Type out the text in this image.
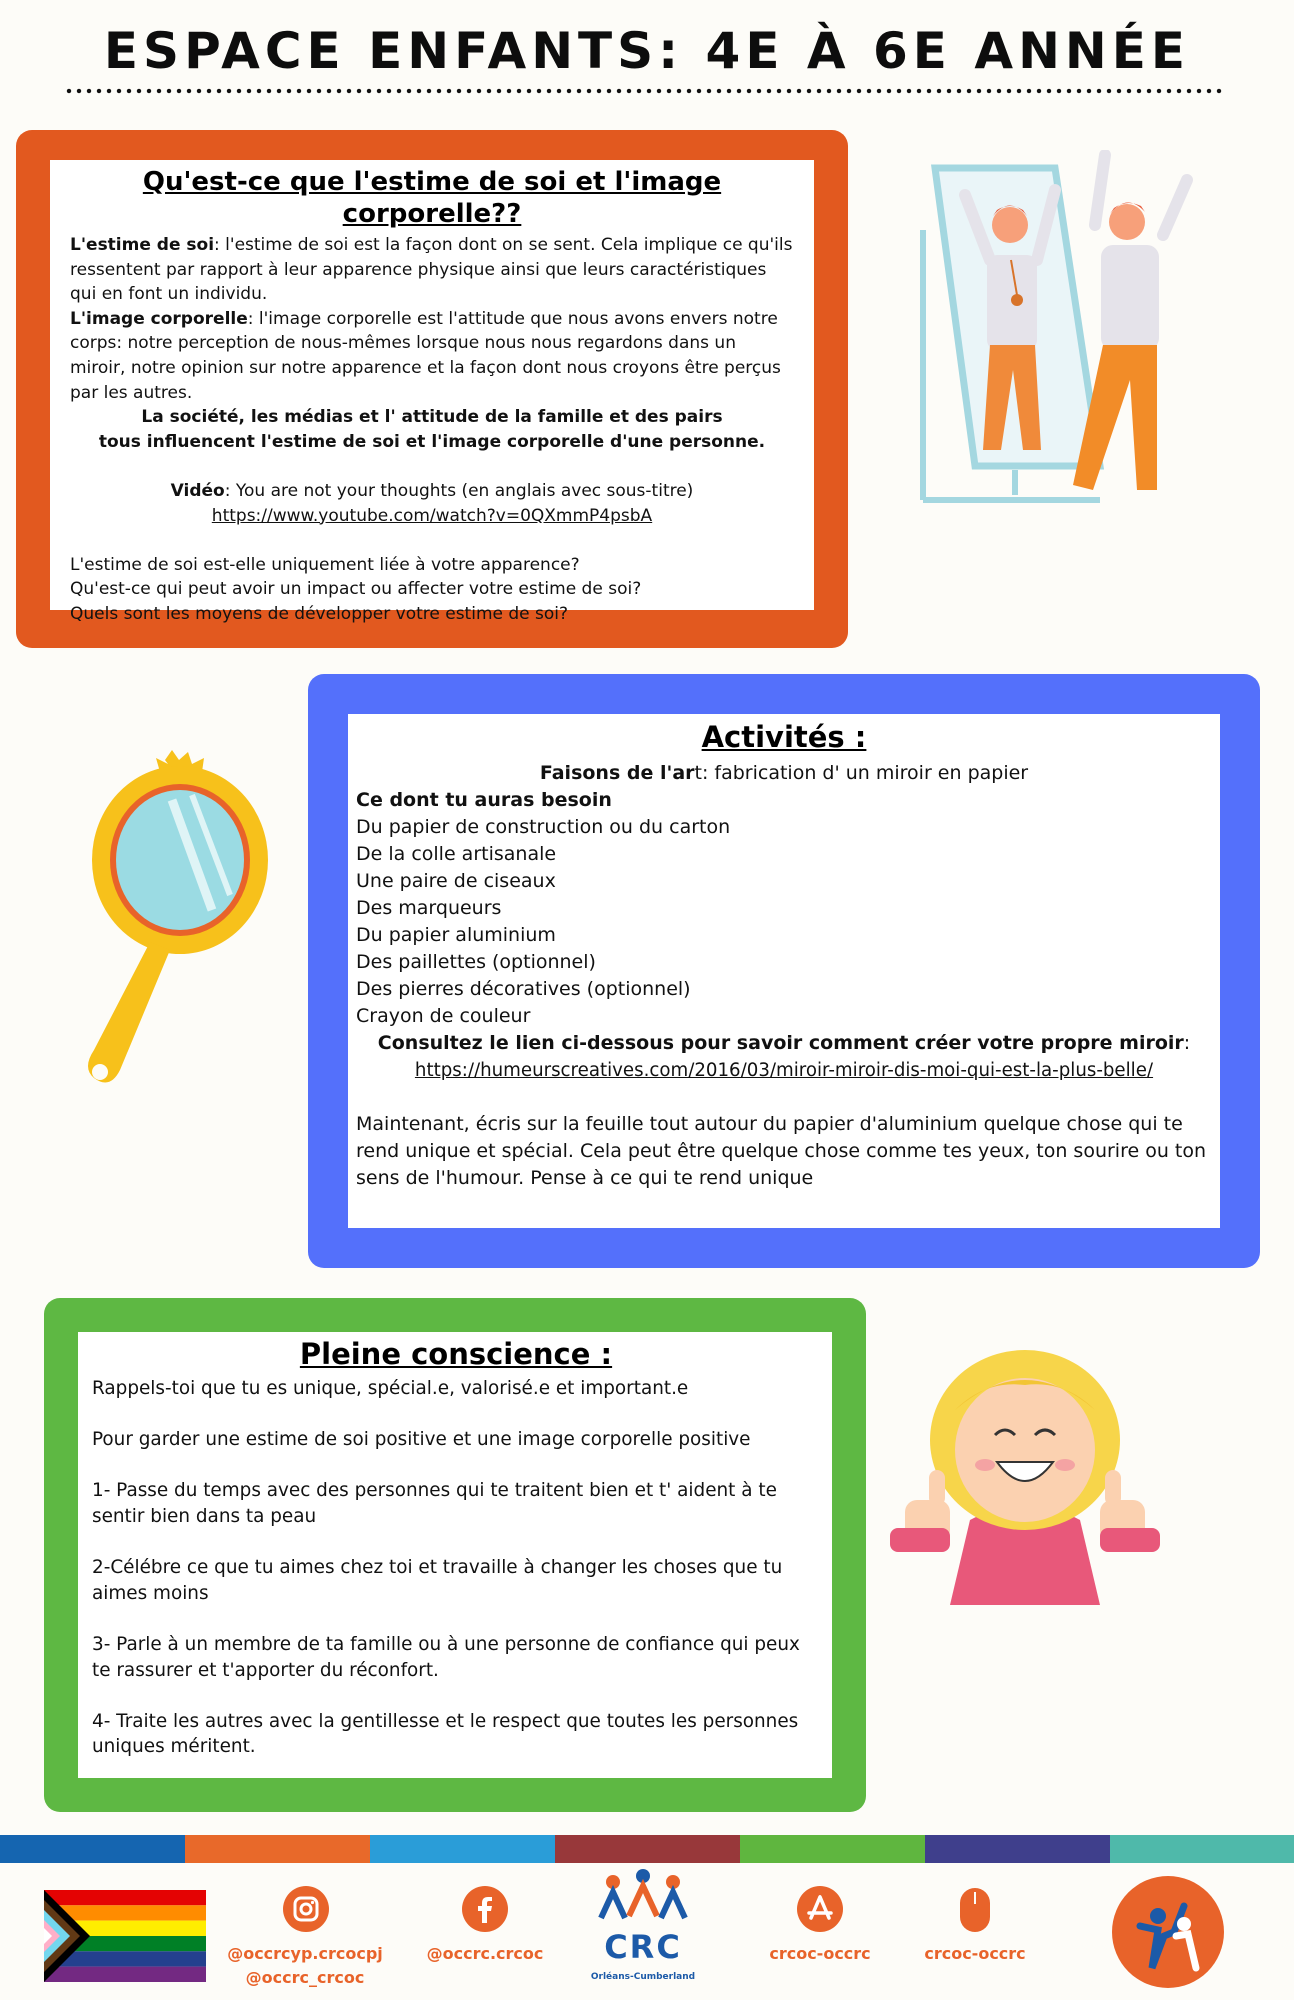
ESPACE ENFANTS: 4E À 6E ANNÉE
Qu'est-ce que l'estime de soi et l'image corporelle??

L'estime de soi: l'estime de soi est la façon dont on se sent. Cela implique ce qu'ils ressentent par rapport à leur apparence physique ainsi que leurs caractéristiques qui en font un individu.

L'image corporelle: l'image corporelle est l'attitude que nous avons envers notre corps: notre perception de nous-mêmes lorsque nous nous regardons dans un miroir, notre opinion sur notre apparence et la façon dont nous croyons être perçus par les autres.

La société, les médias et l' attitude de la famille et des pairs

tous influencent l'estime de soi et l'image corporelle d'une personne.

Vidéo: You are not your thoughts (en anglais avec sous-titre)

https://www.youtube.com/watch?v=0QXmmP4psbA

L'estime de soi est-elle uniquement liée à votre apparence?

Qu'est-ce qui peut avoir un impact ou affecter votre estime de soi?

Quels sont les moyens de développer votre estime de soi?

Activités :

Faisons de l'art: fabrication d' un miroir en papier

Ce dont tu auras besoin

Du papier de construction ou du carton

De la colle artisanale

Une paire de ciseaux

Des marqueurs

Du papier aluminium

Des paillettes (optionnel)

Des pierres décoratives (optionnel)

Crayon de couleur

Consultez le lien ci-dessous pour savoir comment créer votre propre miroir:

https://humeurscreatives.com/2016/03/miroir-miroir-dis-moi-qui-est-la-plus-belle/

Maintenant, écris sur la feuille tout autour du papier d'aluminium quelque chose qui te rend unique et spécial. Cela peut être quelque chose comme tes yeux, ton sourire ou ton sens de l'humour. Pense à ce qui te rend unique

Pleine conscience :

Rappels-toi que tu es unique, spécial.e, valorisé.e et important.e

Pour garder une estime de soi positive et une image corporelle positive

1- Passe du temps avec des personnes qui te traitent bien et t' aident à te sentir bien dans ta peau

2-Célébre ce que tu aimes chez toi et travaille à changer les choses que tu aimes moins

3- Parle à un membre de ta famille ou à une personne de confiance qui peux te rassurer et t'apporter du réconfort.

4- Traite les autres avec la gentillesse et le respect que toutes les personnes uniques méritent.

@occrcyp.crcocpj
@occrc_crcoc
@occrc.crcoc	CRC
Orléans-Cumberland
crcoc-occrc	crcoc-occrc
